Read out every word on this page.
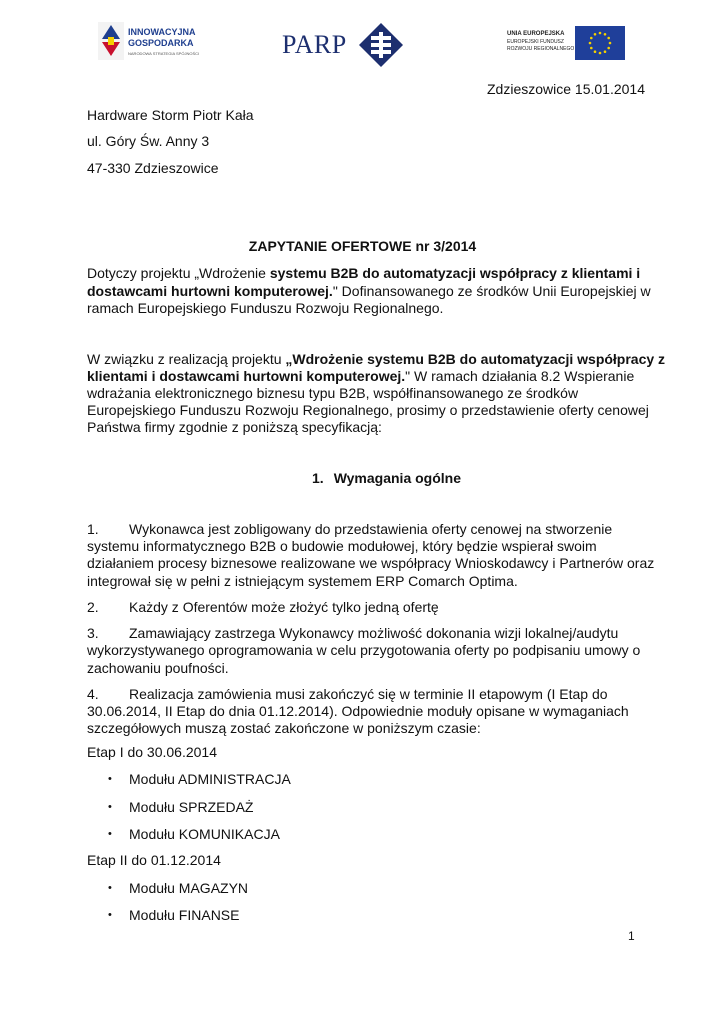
INNOWACYJNA
GOSPODARKA
NARODOWA STRATEGIA SPÓJNOŚCI	PARP	UNIA EUROPEJSKA
EUROPEJSKI FUNDUSZ
ROZWOJU REGIONALNEGO
Zdzieszowice 15.01.2014
Hardware Storm Piotr Kała
ul. Góry Św. Anny 3
47-330 Zdzieszowice
ZAPYTANIE OFERTOWE nr 3/2014
Dotyczy projektu „Wdrożenie systemu B2B do automatyzacji współpracy z klientami i
dostawcami hurtowni komputerowej." Dofinansowanego ze środków Unii Europejskiej w
ramach Europejskiego Funduszu Rozwoju Regionalnego.
W związku z realizacją projektu „Wdrożenie systemu B2B do automatyzacji współpracy z
klientami i dostawcami hurtowni komputerowej." W ramach działania 8.2 Wspieranie
wdrażania elektronicznego biznesu typu B2B, współfinansowanego ze środków
Europejskiego Funduszu Rozwoju Regionalnego, prosimy o przedstawienie oferty cenowej
Państwa firmy zgodnie z poniższą specyfikacją:
1. Wymagania ogólne
1. Wykonawca jest zobligowany do przedstawienia oferty cenowej na stworzenie
systemu informatycznego B2B o budowie modułowej, który będzie wspierał swoim
działaniem procesy biznesowe realizowane we współpracy Wnioskodawcy i Partnerów oraz
integrował się w pełni z istniejącym systemem ERP Comarch Optima.
2. Każdy z Oferentów może złożyć tylko jedną ofertę
3. Zamawiający zastrzega Wykonawcy możliwość dokonania wizji lokalnej/audytu
wykorzystywanego oprogramowania w celu przygotowania oferty po podpisaniu umowy o
zachowaniu poufności.
4. Realizacja zamówienia musi zakończyć się w terminie II etapowym (I Etap do
30.06.2014, II Etap do dnia 01.12.2014). Odpowiednie moduły opisane w wymaganiach
szczegółowych muszą zostać zakończone w poniższym czasie:
Etap I do 30.06.2014
• Modułu ADMINISTRACJA
• Modułu SPRZEDAŻ
• Modułu KOMUNIKACJA
Etap II do 01.12.2014
• Modułu MAGAZYN
• Modułu FINANSE
1
